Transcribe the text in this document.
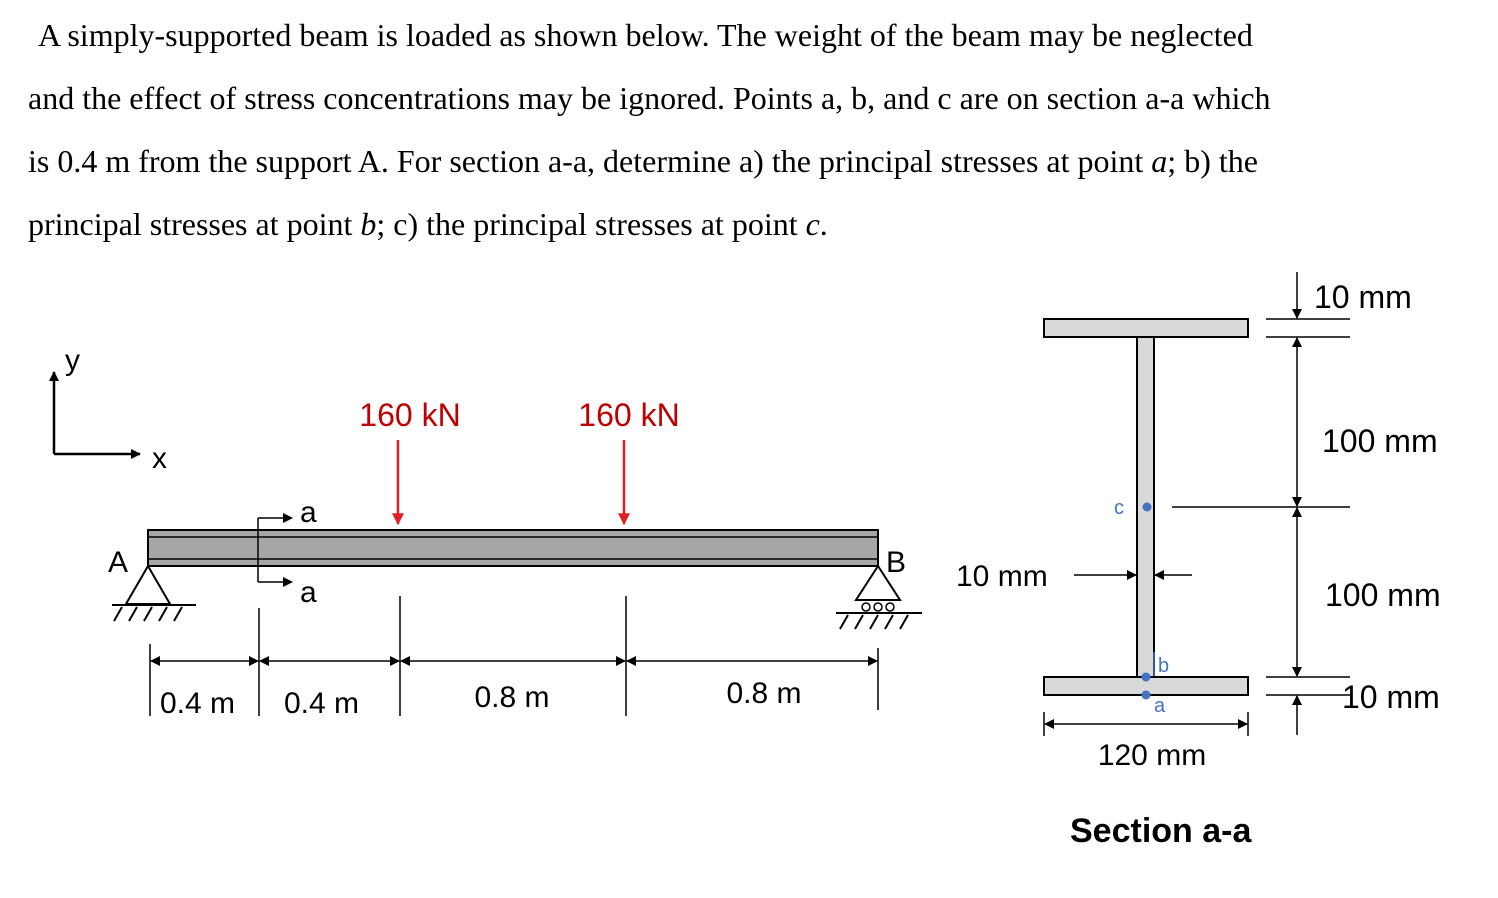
A simply-supported beam is loaded as shown below. The weight of the beam may be neglected

and the effect of stress concentrations may be ignored. Points a, b, and c are on section a-a which

is 0.4 m from the support A. For section a-a, determine a) the principal stresses at point a; b) the

principal stresses at point b; c) the principal stresses at point c.

y
x
A	B
a
a
160 kN	160 kN
0.4 m 0.4 m	0.8 m	0.8 m
c
b
a
10 mm
120 mm
10 mm
100 mm
100 mm
10 mm
Section a-a
